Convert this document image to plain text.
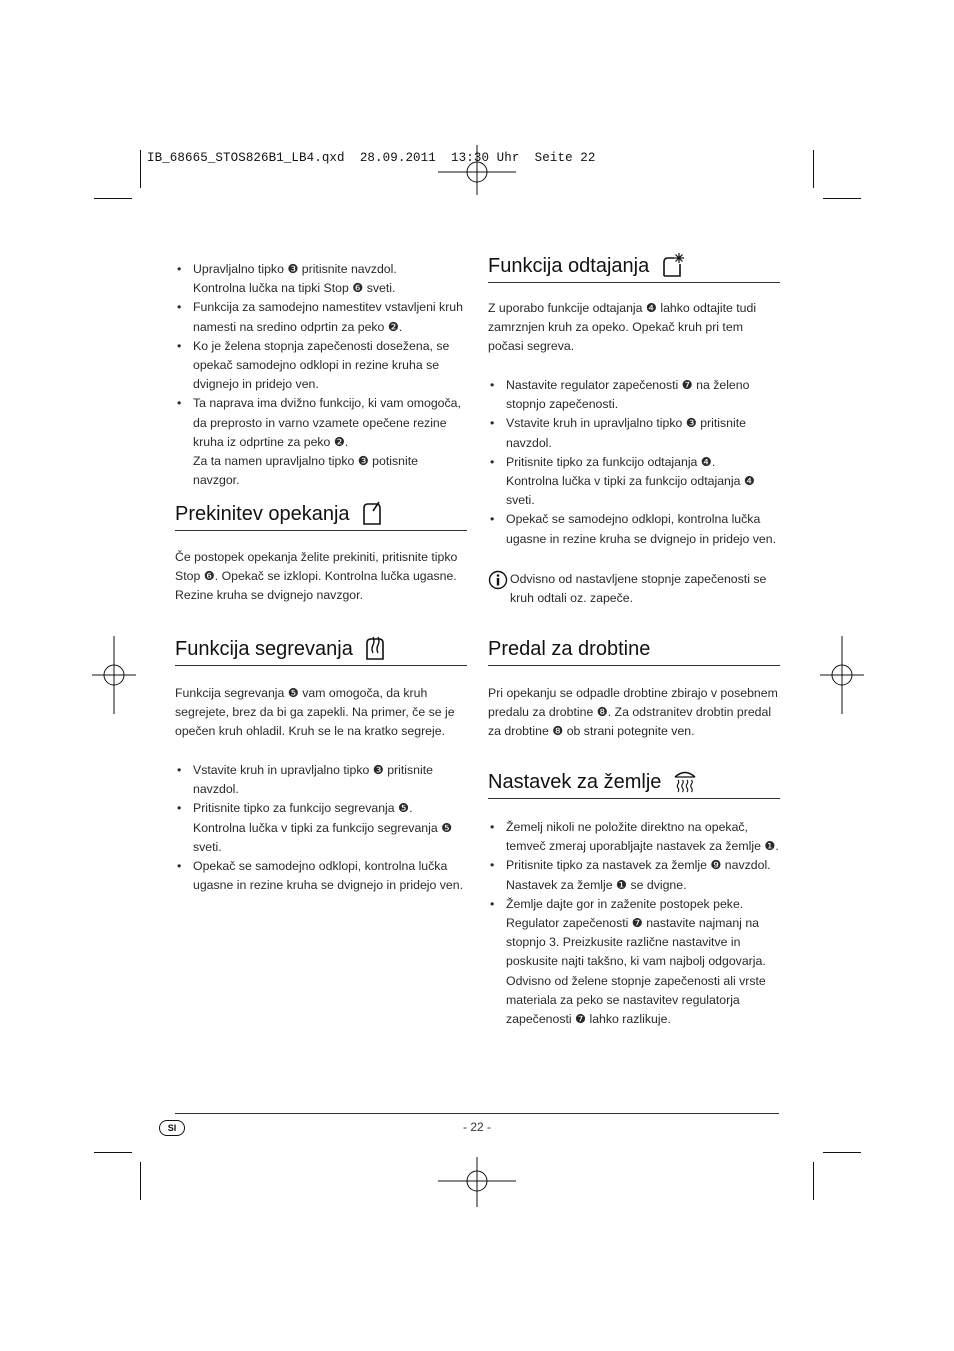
IB_68665_STOS826B1_LB4.qxd  28.09.2011  13:30 Uhr  Seite 22
• Upravljalno tipko ❸ pritisnite navzdol.
Kontrolna lučka na tipki Stop ❻ sveti.
• Funkcija za samodejno namestitev vstavljeni kruh namesti na sredino odprtin za peko ❷.
• Ko je želena stopnja zapečenosti dosežena, se opekač samodejno odklopi in rezine kruha se dvignejo in pridejo ven.
• Ta naprava ima dvižno funkcijo, ki vam omogoča, da preprosto in varno vzamete opečene rezine kruha iz odprtine za peko ❷.
Za ta namen upravljalno tipko ❸ potisnite navzgor.
Prekinitev opekanja

Če postopek opekanja želite prekiniti, pritisnite tipko Stop ❻. Opekač se izklopi. Kontrolna lučka ugasne. Rezine kruha se dvignejo navzgor.

Funkcija segrevanja

Funkcija segrevanja ❺ vam omogoča, da kruh segrejete, brez da bi ga zapekli. Na primer, če se je opečen kruh ohladil. Kruh se le na kratko segreje.

• Vstavite kruh in upravljalno tipko ❸ pritisnite navzdol.
• Pritisnite tipko za funkcijo segrevanja ❺.
Kontrolna lučka v tipki za funkcijo segrevanja ❺ sveti.
• Opekač se samodejno odklopi, kontrolna lučka ugasne in rezine kruha se dvignejo in pridejo ven.
Funkcija odtajanja

Z uporabo funkcije odtajanja ❹ lahko odtajite tudi zamrznjen kruh za opeko. Opekač kruh pri tem počasi segreva.

• Nastavite regulator zapečenosti ❼ na želeno stopnjo zapečenosti.
• Vstavite kruh in upravljalno tipko ❸ pritisnite navzdol.
• Pritisnite tipko za funkcijo odtajanja ❹.
Kontrolna lučka v tipki za funkcijo odtajanja ❹ sveti.
• Opekač se samodejno odklopi, kontrolna lučka ugasne in rezine kruha se dvignejo in pridejo ven.

Odvisno od nastavljene stopnje zapečenosti se kruh odtali oz. zapeče.

Predal za drobtine

Pri opekanju se odpadle drobtine zbirajo v posebnem predalu za drobtine ❽. Za odstranitev drobtin predal za drobtine ❽ ob strani potegnite ven.

Nastavek za žemlje
• Žemelj nikoli ne položite direktno na opekač, temveč zmeraj uporabljajte nastavek za žemlje ❶.
• Pritisnite tipko za nastavek za žemlje ❾ navzdol.
Nastavek za žemlje ❶ se dvigne.
• Žemlje dajte gor in zaženite postopek peke. Regulator zapečenosti ❼ nastavite najmanj na stopnjo 3. Preizkusite različne nastavitve in poskusite najti takšno, ki vam najbolj odgovarja. Odvisno od želene stopnje zapečenosti ali vrste materiala za peko se nastavitev regulatorja zapečenosti ❼ lahko razlikuje.
SI	- 22 -
